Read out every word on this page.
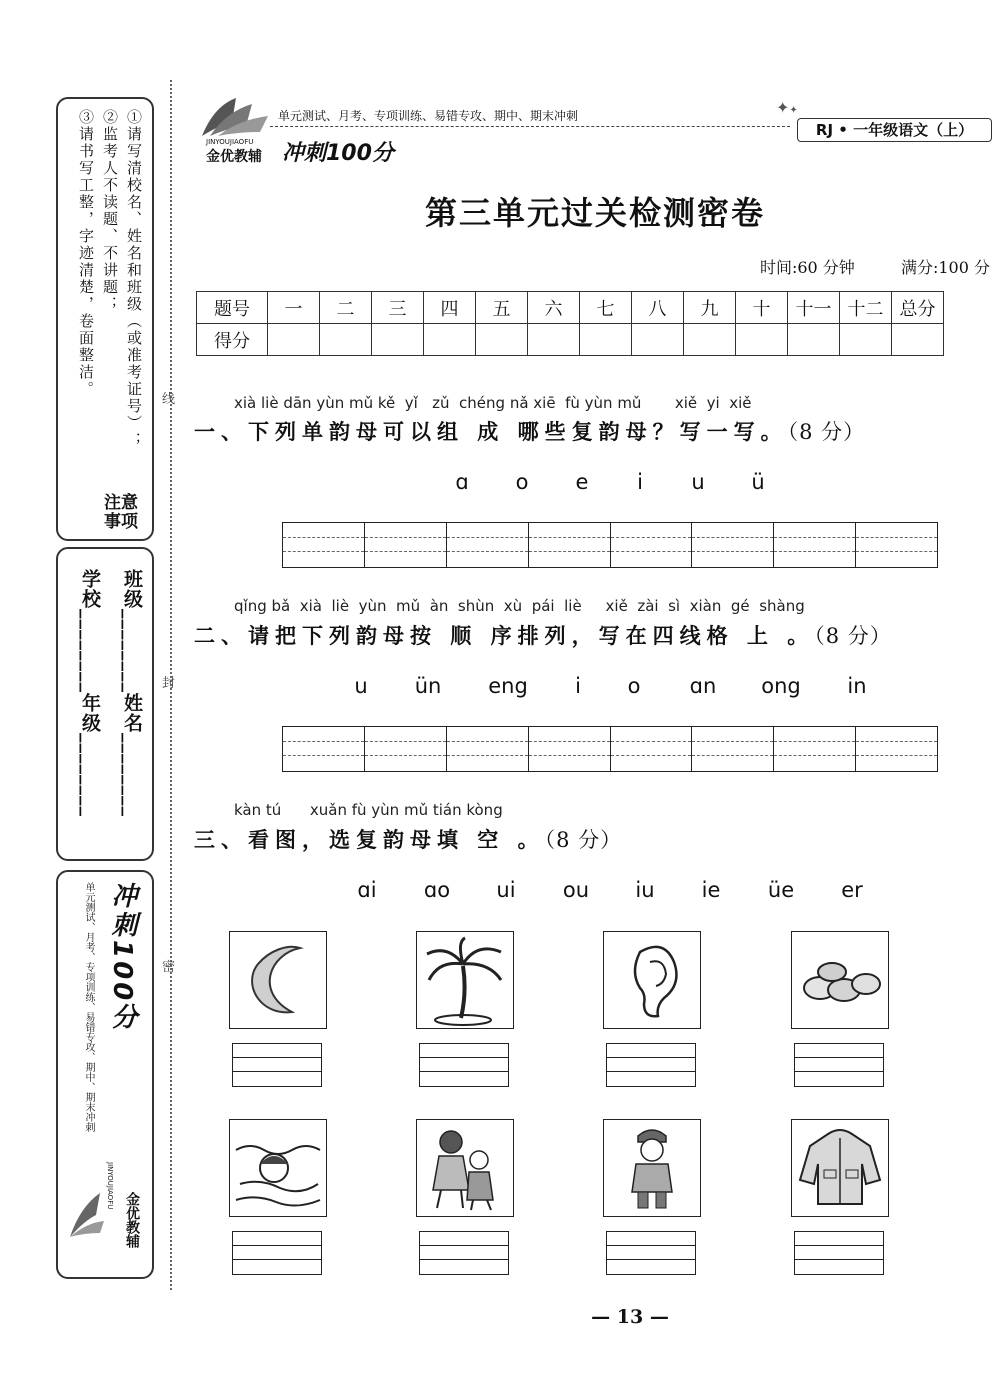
注意事项
①请写清校名、姓名和班级（或准考证号）；
②监考人不读题、不讲题；
③请书写工整，字迹清楚，卷面整洁。
学校________年级________ 班级________姓名________
单元测试、月考、专项训练、易错专攻、期中、期末冲刺 冲刺100分
金优教辅
JINYOUJIAOFU
线
封
密
JINYOUJIAOFU
金优教辅 冲刺100分
单元测试、月考、专项训练、易错专攻、期中、期末冲刺	✦✦
RJ • 一年级语文（上）
第三单元过关检测密卷
时间:60 分钟	满分:100 分
题号	一	二	三	四	五	六	七	八	九	十	十一	十二	总分
得分													
xià liè dān yùn mǔ kě  yǐ   zǔ  chéng nǎ xiē  fù yùn mǔ       xiě  yi  xiě
一、下列单韵母可以组 成 哪些复韵母？写一写。（8 分）
ɑ o e i u ü
qǐng bǎ  xià  liè  yùn  mǔ  àn  shùn  xù  pái  liè     xiě  zài  sì  xiàn  gé  shàng
二、请把下列韵母按 顺 序排列，写在四线格 上 。（8 分）
u ün eng i o ɑn ong in
kàn tú      xuǎn fù yùn mǔ tián kòng
三、看图，选复韵母填 空 。（8 分）
ɑi ɑo ui ou iu ie üe er
— 13 —
